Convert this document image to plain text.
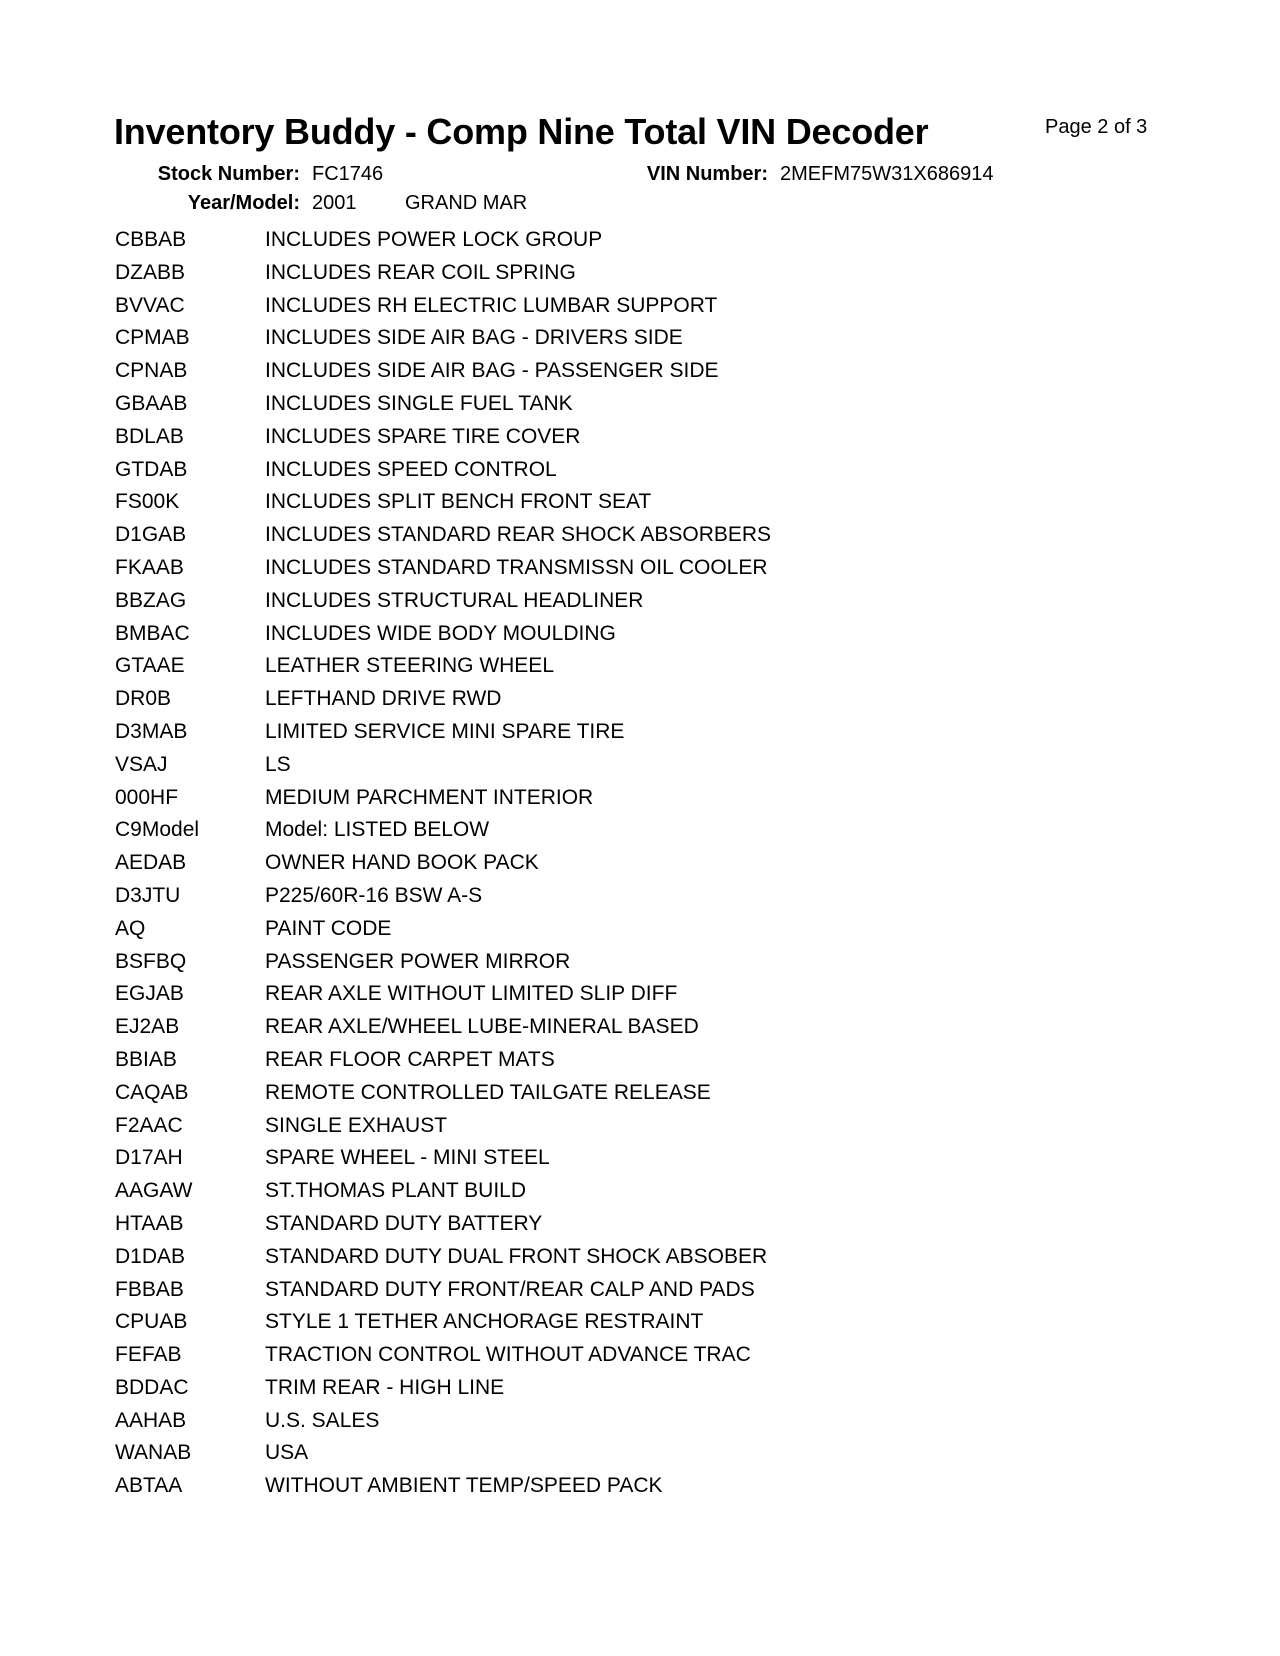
Inventory Buddy - Comp Nine Total VIN Decoder	Page 2 of 3
Stock Number: FC1746	VIN Number: 2MEFM75W31X686914
Year/Model: 2001 GRAND MAR
CBBAB	INCLUDES POWER LOCK GROUP
DZABB	INCLUDES REAR COIL SPRING
BVVAC	INCLUDES RH ELECTRIC LUMBAR SUPPORT
CPMAB	INCLUDES SIDE AIR BAG - DRIVERS SIDE
CPNAB	INCLUDES SIDE AIR BAG - PASSENGER SIDE
GBAAB	INCLUDES SINGLE FUEL TANK
BDLAB	INCLUDES SPARE TIRE COVER
GTDAB	INCLUDES SPEED CONTROL
FS00K	INCLUDES SPLIT BENCH FRONT SEAT
D1GAB	INCLUDES STANDARD REAR SHOCK ABSORBERS
FKAAB	INCLUDES STANDARD TRANSMISSN OIL COOLER
BBZAG	INCLUDES STRUCTURAL HEADLINER
BMBAC	INCLUDES WIDE BODY MOULDING
GTAAE	LEATHER STEERING WHEEL
DR0B	LEFTHAND DRIVE RWD
D3MAB	LIMITED SERVICE MINI SPARE TIRE
VSAJ	LS
000HF	MEDIUM PARCHMENT INTERIOR
C9Model	Model: LISTED BELOW
AEDAB	OWNER HAND BOOK PACK
D3JTU	P225/60R-16 BSW A-S
AQ	PAINT CODE
BSFBQ	PASSENGER POWER MIRROR
EGJAB	REAR AXLE WITHOUT LIMITED SLIP DIFF
EJ2AB	REAR AXLE/WHEEL LUBE-MINERAL BASED
BBIAB	REAR FLOOR CARPET MATS
CAQAB	REMOTE CONTROLLED TAILGATE RELEASE
F2AAC	SINGLE EXHAUST
D17AH	SPARE WHEEL - MINI STEEL
AAGAW	ST.THOMAS PLANT BUILD
HTAAB	STANDARD DUTY BATTERY
D1DAB	STANDARD DUTY DUAL FRONT SHOCK ABSOBER
FBBAB	STANDARD DUTY FRONT/REAR CALP AND PADS
CPUAB	STYLE 1 TETHER ANCHORAGE RESTRAINT
FEFAB	TRACTION CONTROL WITHOUT ADVANCE TRAC
BDDAC	TRIM REAR - HIGH LINE
AAHAB	U.S. SALES
WANAB	USA
ABTAA	WITHOUT AMBIENT TEMP/SPEED PACK
